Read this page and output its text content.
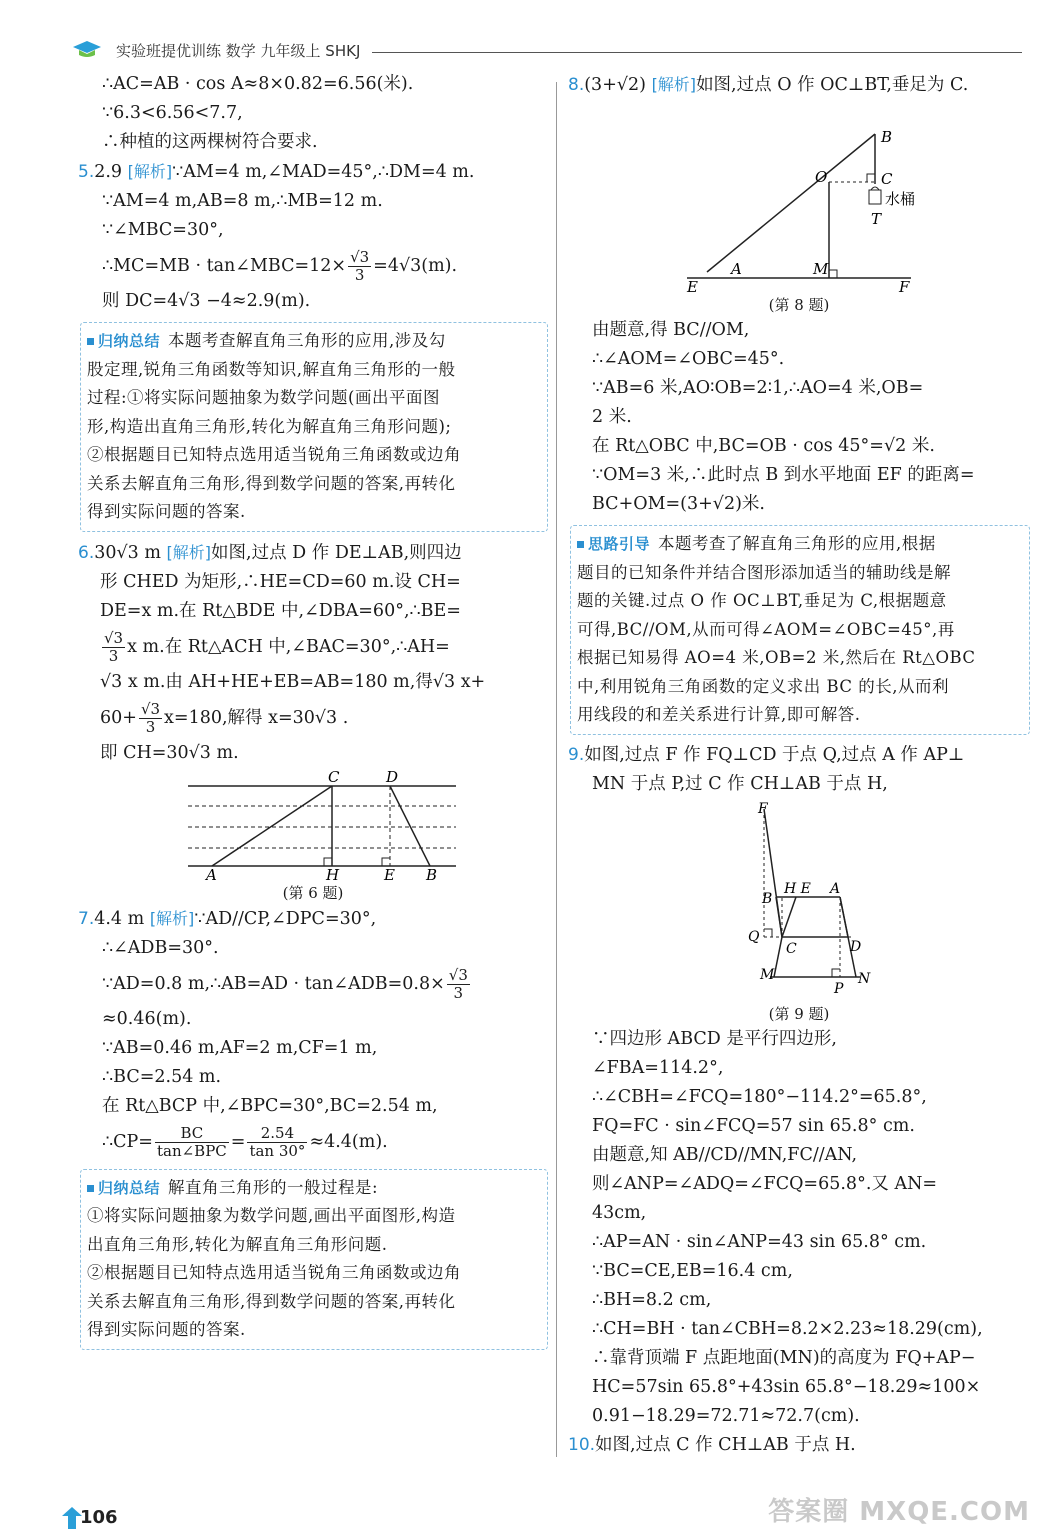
实验班提优训练 数学 九年级上 SHKJ
∴AC=AB · cos A≈8×0.82=6.56(米).
∵6.3<6.56<7.7,
∴种植的这两棵树符合要求.
5.2.9 [解析]∵AM=4 m,∠MAD=45°,∴DM=4 m.
∵AM=4 m,AB=8 m,∴MB=12 m.
∵∠MBC=30°,
∴MC=MB · tan∠MBC=12× $\frac{√3}{3} =4√3(m)$.
则 DC=4√3 −4≈2.9(m).
归纳总结 本题考查解直角三角形的应用,涉及勾
股定理,锐角三角函数等知识,解直角三角形的一般
过程:①将实际问题抽象为数学问题(画出平面图
形,构造出直角三角形,转化为解直角三角形问题);
②根据题目已知特点选用适当锐角三角函数或边角
关系去解直角三角形,得到数学问题的答案,再转化
得到实际问题的答案.
6.30√3 m [解析]如图,过点 D 作 DE⊥AB,则四边
形 CHED 为矩形,∴HE=CD=60 m.设 CH=
DE=x m.在 Rt△BDE 中,∠DBA=60°,∴BE=
$\frac{√3}{3}$ x m.在 Rt△ACH 中,∠BAC=30°,∴AH=
√3 x m.由 AH+HE+EB=AB=180 m,得√3 x+
$60+ \frac{√3}{3} x=180$,解得 x=30√3 .
即 CH=30√3 m.
C	D
A	H	E B
(第 6 题)
7.4.4 m [解析]∵AD//CP,∠DPC=30°,
∴∠ADB=30°.
∵AD=0.8 m,∴AB=AD · tan∠ADB=0.8× $\frac{√3}{3}$
≈0.46(m).
∵AB=0.46 m,AF=2 m,CF=1 m,
∴BC=2.54 m.
在 Rt△BCP 中,∠BPC=30°,BC=2.54 m,
∴CP= $\frac{BC}{\text{tan∠BPC}} = \frac{2.54}{\tan 30^\circ} \approx 4.4(m)$.
归纳总结 解直角三角形的一般过程是:
①将实际问题抽象为数学问题,画出平面图形,构造
出直角三角形,转化为解直角三角形问题.
②根据题目已知特点选用适当锐角三角函数或边角
关系去解直角三角形,得到数学问题的答案,再转化
得到实际问题的答案.
8.(3+√2) [解析]如图,过点 O 作 OC⊥BT,垂足为 C.
B
O	C
水桶
T
A	M
E	F
(第 8 题)
由题意,得 BC//OM,
∴∠AOM=∠OBC=45°.
∵AB=6 米,AO∶OB=2∶1,∴AO=4 米,OB=
2 米.
在 Rt△OBC 中,BC=OB · cos 45°=√2 米.
∵OM=3 米,∴此时点 B 到水平地面 EF 的距离=
BC+OM=(3+√2)米.
思路引导 本题考查了解直角三角形的应用,根据
题目的已知条件并结合图形添加适当的辅助线是解
题的关键.过点 O 作 OC⊥BT,垂足为 C,根据题意
可得,BC//OM,从而可得∠AOM=∠OBC=45°,再
根据已知易得 AO=4 米,OB=2 米,然后在 Rt△OBC
中,利用锐角三角函数的定义求出 BC 的长,从而利
用线段的和差关系进行计算,即可解答.
9.如图,过点 F 作 FQ⊥CD 于点 Q,过点 A 作 AP⊥
MN 于点 P,过 C 作 CH⊥AB 于点 H,
F
B
H E A
Q
C	D
M
P
N
(第 9 题)
∵四边形 ABCD 是平行四边形,
∠FBA=114.2°,
∴∠CBH=∠FCQ=180°−114.2°=65.8°,
FQ=FC · sin∠FCQ=57 sin 65.8° cm.
由题意,知 AB//CD//MN,FC//AN,
则∠ANP=∠ADQ=∠FCQ=65.8°.又 AN=
43cm,
∴AP=AN · sin∠ANP=43 sin 65.8° cm.
∵BC=CE,EB=16.4 cm,
∴BH=8.2 cm,
∴CH=BH · tan∠CBH=8.2×2.23≈18.29(cm),
∴靠背顶端 F 点距地面(MN)的高度为 FQ+AP−
HC=57sin 65.8°+43sin 65.8°−18.29≈100×
0.91−18.29=72.71≈72.7(cm).
10.如图,过点 C 作 CH⊥AB 于点 H.
106	答案圈 MXQE.COM
